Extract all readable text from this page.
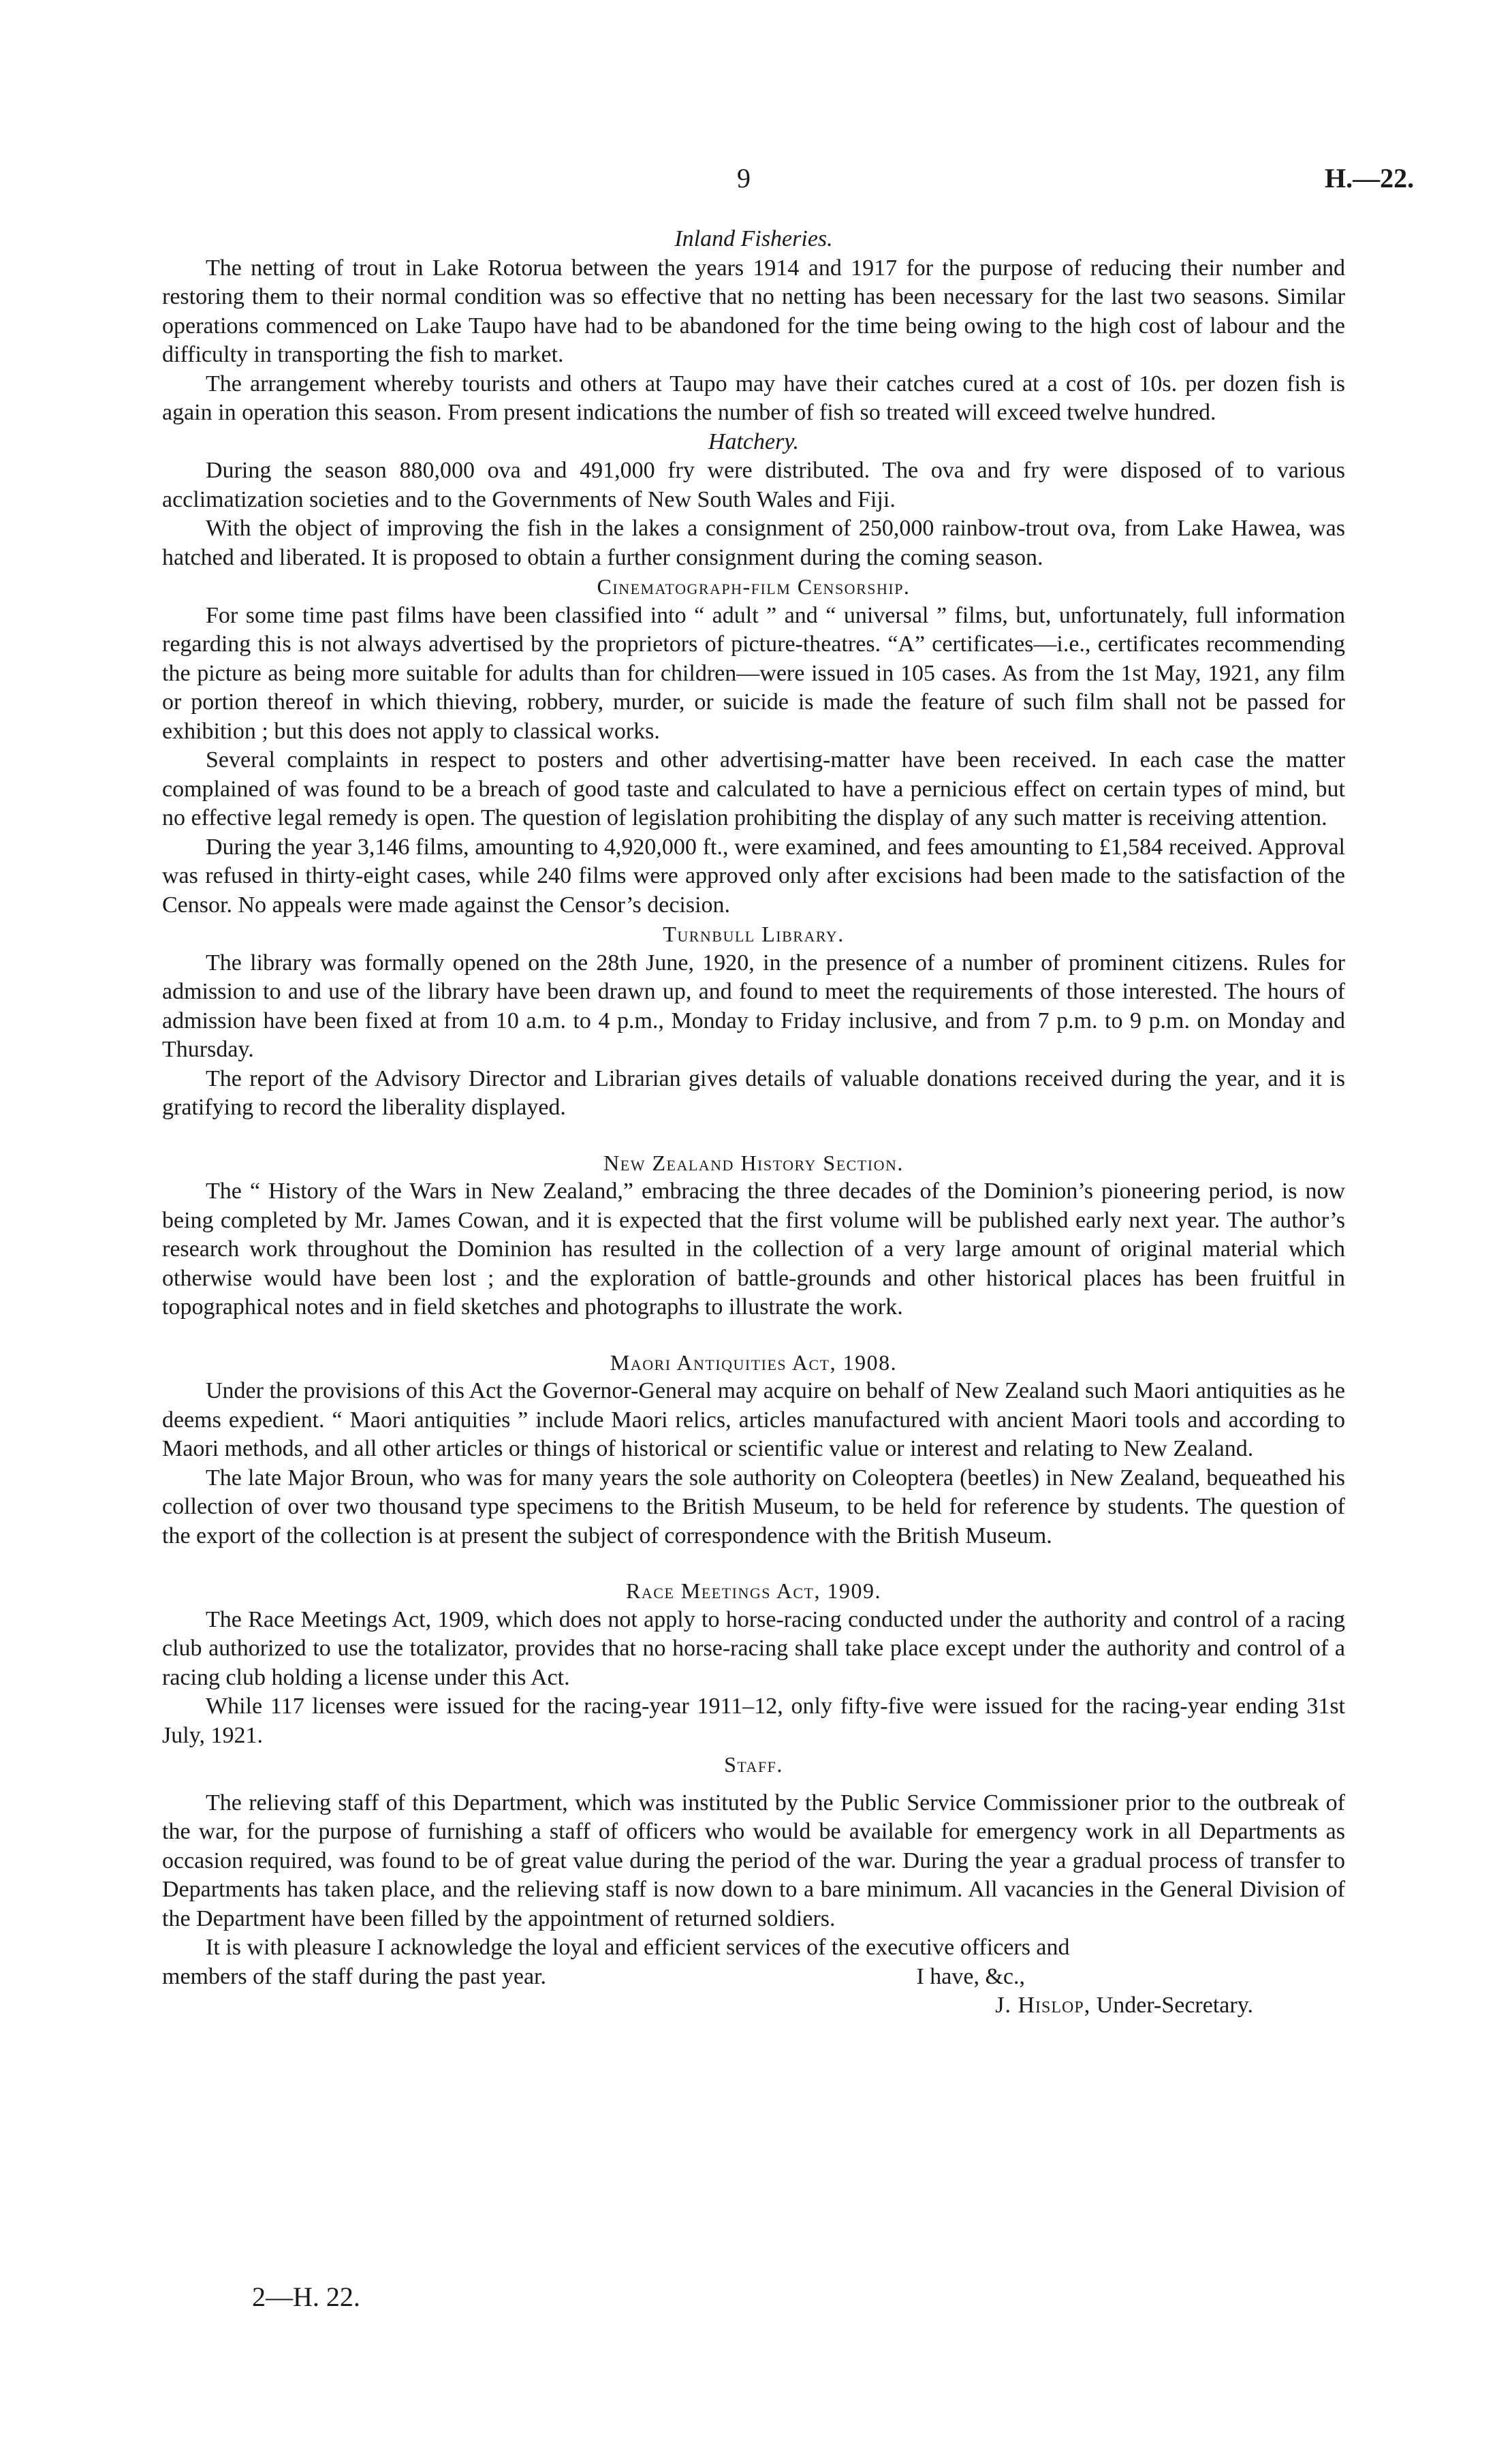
9	H.—22.
Inland Fisheries.

The netting of trout in Lake Rotorua between the years 1914 and 1917 for the purpose of reducing their number and restoring them to their normal condition was so effective that no netting has been necessary for the last two seasons. Similar operations commenced on Lake Taupo have had to be abandoned for the time being owing to the high cost of labour and the difficulty in transporting the fish to market.

The arrangement whereby tourists and others at Taupo may have their catches cured at a cost of 10s. per dozen fish is again in operation this season. From present indications the number of fish so treated will exceed twelve hundred.

Hatchery.

During the season 880,000 ova and 491,000 fry were distributed. The ova and fry were disposed of to various acclimatization societies and to the Governments of New South Wales and Fiji.

With the object of improving the fish in the lakes a consignment of 250,000 rainbow-trout ova, from Lake Hawea, was hatched and liberated. It is proposed to obtain a further consignment during the coming season.

Cinematograph-film Censorship.

For some time past films have been classified into “ adult ” and “ universal ” films, but, unfortunately, full information regarding this is not always advertised by the proprietors of picture-theatres. “A” certificates—i.e., certificates recommending the picture as being more suitable for adults than for children—were issued in 105 cases. As from the 1st May, 1921, any film or portion thereof in which thieving, robbery, murder, or suicide is made the feature of such film shall not be passed for exhibition ; but this does not apply to classical works.

Several complaints in respect to posters and other advertising-matter have been received. In each case the matter complained of was found to be a breach of good taste and calculated to have a pernicious effect on certain types of mind, but no effective legal remedy is open. The question of legislation prohibiting the display of any such matter is receiving attention.

During the year 3,146 films, amounting to 4,920,000 ft., were examined, and fees amounting to £1,584 received. Approval was refused in thirty-eight cases, while 240 films were approved only after excisions had been made to the satisfaction of the Censor. No appeals were made against the Censor’s decision.

Turnbull Library.

The library was formally opened on the 28th June, 1920, in the presence of a number of prominent citizens. Rules for admission to and use of the library have been drawn up, and found to meet the requirements of those interested. The hours of admission have been fixed at from 10 a.m. to 4 p.m., Monday to Friday inclusive, and from 7 p.m. to 9 p.m. on Monday and Thursday.

The report of the Advisory Director and Librarian gives details of valuable donations received during the year, and it is gratifying to record the liberality displayed.

New Zealand History Section.

The “ History of the Wars in New Zealand,” embracing the three decades of the Dominion’s pioneering period, is now being completed by Mr. James Cowan, and it is expected that the first volume will be published early next year. The author’s research work throughout the Dominion has resulted in the collection of a very large amount of original material which otherwise would have been lost ; and the exploration of battle-grounds and other historical places has been fruitful in topographical notes and in field sketches and photographs to illustrate the work.

Maori Antiquities Act, 1908.

Under the provisions of this Act the Governor-General may acquire on behalf of New Zealand such Maori antiquities as he deems expedient. “ Maori antiquities ” include Maori relics, articles manufactured with ancient Maori tools and according to Maori methods, and all other articles or things of historical or scientific value or interest and relating to New Zealand.

The late Major Broun, who was for many years the sole authority on Coleoptera (beetles) in New Zealand, bequeathed his collection of over two thousand type specimens to the British Museum, to be held for reference by students. The question of the export of the collection is at present the subject of correspondence with the British Museum.

Race Meetings Act, 1909.

The Race Meetings Act, 1909, which does not apply to horse-racing conducted under the authority and control of a racing club authorized to use the totalizator, provides that no horse-racing shall take place except under the authority and control of a racing club holding a license under this Act.

While 117 licenses were issued for the racing-year 1911–12, only fifty-five were issued for the racing-year ending 31st July, 1921.

Staff.

The relieving staff of this Department, which was instituted by the Public Service Commissioner prior to the outbreak of the war, for the purpose of furnishing a staff of officers who would be available for emergency work in all Departments as occasion required, was found to be of great value during the period of the war. During the year a gradual process of transfer to Departments has taken place, and the relieving staff is now down to a bare minimum. All vacancies in the General Division of the Department have been filled by the appointment of returned soldiers.

It is with pleasure I acknowledge the loyal and efficient services of the executive officers and

members of the staff during the past year.	I have, &c.,
J. Hislop, Under-Secretary.
2—H. 22.
